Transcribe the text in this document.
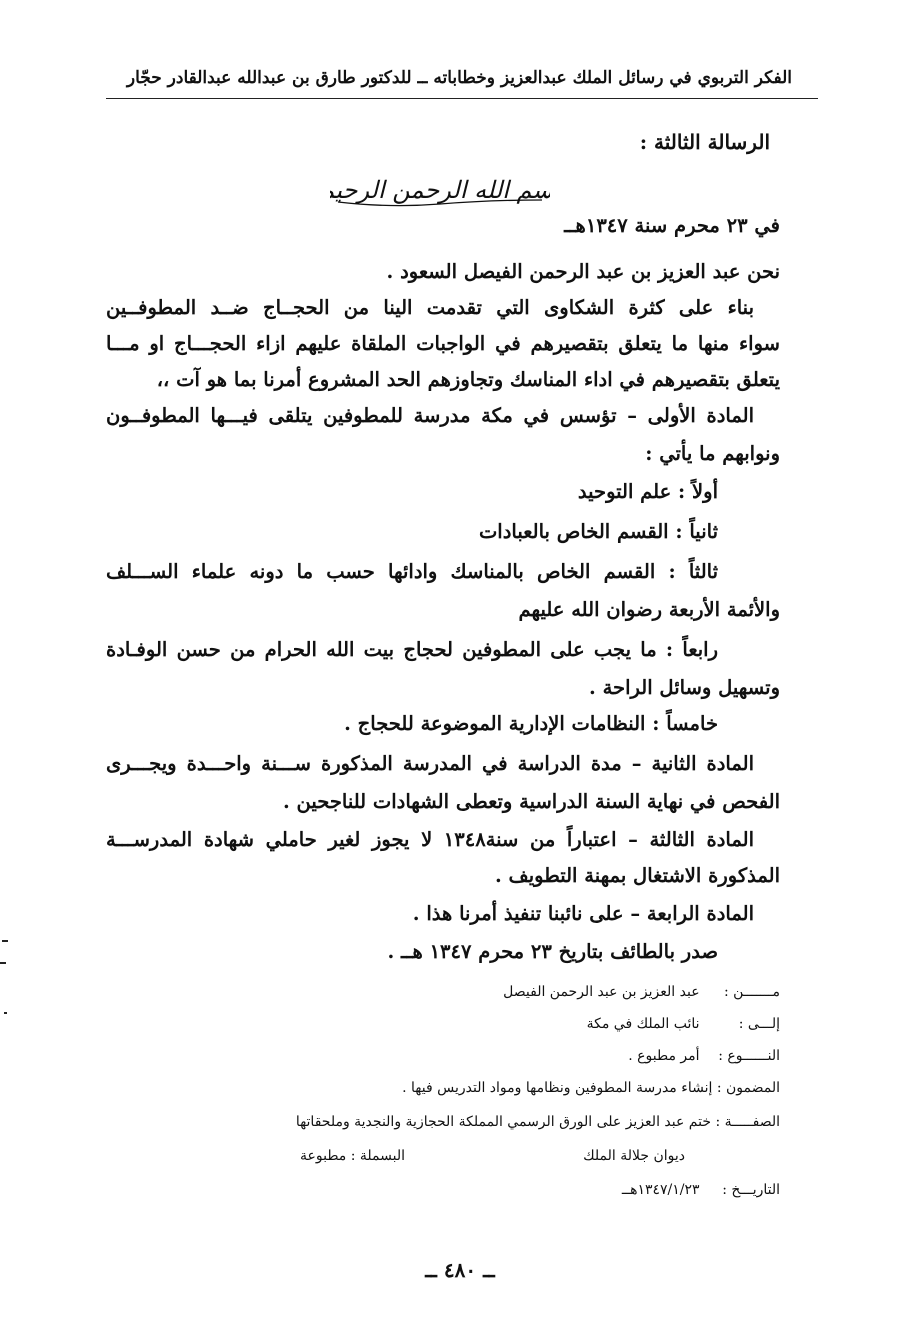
الفكر التربوي في رسائل الملك عبدالعزيز وخطاباته ــ للدكتور طارق بن عبدالله عبدالقادر حجّار
الرسالة الثالثة :
بسم الله الرحمن الرحيم
في ٢٣ محرم سنة ١٣٤٧هــ
نحن عبد العزيز بن عبد الرحمن الفيصل السعود .
بناء على كثرة الشكاوى التي تقدمت الينا من الحجــاج ضــد المطوفــين
سواء منها ما يتعلق بتقصيرهم في الواجبات الملقاة عليهم ازاء الحجـــاج او مـــا
يتعلق بتقصيرهم في اداء المناسك وتجاوزهم الحد المشروع أمرنا بما هو آت ،،
المادة الأولى – تؤسس في مكة مدرسة للمطوفين يتلقى فيـــها المطوفــون
ونوابهم ما يأتي :
أولاً : علم التوحيد
ثانياً : القسم الخاص بالعبادات
ثالثاً : القسم الخاص بالمناسك وادائها حسب ما دونه علماء الســـلف
والأئمة الأربعة رضوان الله عليهم
رابعاً : ما يجب على المطوفين لحجاج بيت الله الحرام من حسن الوفـادة
وتسهيل وسائل الراحة .
خامساً : النظامات الإدارية الموضوعة للحجاج .
المادة الثانية – مدة الدراسة في المدرسة المذكورة ســـنة واحـــدة ويجـــرى
الفحص في نهاية السنة الدراسية وتعطى الشهادات للناجحين .
المادة الثالثة – اعتباراً من سنة١٣٤٨ لا يجوز لغير حاملي شهادة المدرســـة
المذكورة الاشتغال بمهنة التطويف .
المادة الرابعة – على نائبنا تنفيذ أمرنا هذا .
صدر بالطائف بتاريخ ٢٣ محرم ١٣٤٧ هــ .
مـــــــن : عبد العزيز بن عبد الرحمن الفيصل
إلـــى : نائب الملك في مكة
النــــــوع : أمر مطبوع .
المضمون : إنشاء مدرسة المطوفين ونظامها ومواد التدريس فيها .
الصفـــــة : ختم عبد العزيز على الورق الرسمي المملكة الحجازية والنجدية وملحقاتها
ديوان جلالة الملك
البسملة : مطبوعة
التاريـــخ : ١٣٤٧/١/٢٣هــ
ــ ٤٨٠ ــ
